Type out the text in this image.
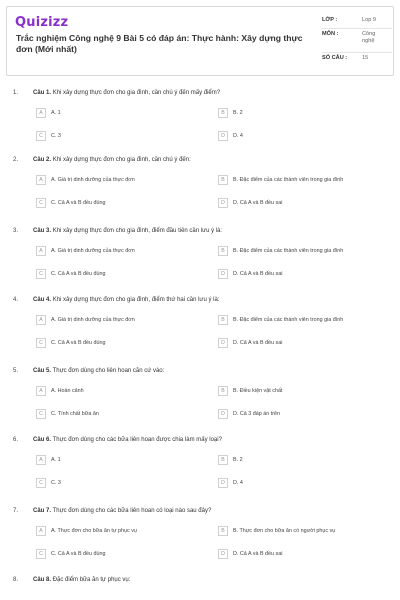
Quizizz
Trắc nghiệm Công nghệ 9 Bài 5 có đáp án: Thực hành: Xây dựng thực đơn (Mới nhất)
LỚP :	Lop 9
MÔN :	Công nghệ
SỐ CÂU :	15
1. Câu 1. Khi xây dựng thực đơn cho gia đình, cần chú ý đến mấy điểm?
A	A. 1	B	B. 2
C	C. 3	D	D. 4
2. Câu 2. Khi xây dựng thực đơn cho gia đình, cần chú ý đến:
A	A. Giá trị dinh dưỡng của thực đơn	B	B. Đặc điểm của các thành viên trong gia đình
C	C. Cả A và B đều đúng	D	D. Cả A và B đều sai
3. Câu 3. Khi xây dựng thực đơn cho gia đình, điểm đầu tiên cần lưu ý là:
A	A. Giá trị dinh dưỡng của thực đơn	B	B. Đặc điểm của các thành viên trong gia đình
C	C. Cả A và B đều đúng	D	D. Cả A và B đều sai
4. Câu 4. Khi xây dựng thực đơn cho gia đình, điểm thứ hai cần lưu ý là:
A	A. Giá trị dinh dưỡng của thực đơn	B	B. Đặc điểm của các thành viên trong gia đình
C	C. Cả A và B đều đúng	D	D. Cả A và B đều sai
5. Câu 5. Thực đơn dùng cho liên hoan căn cứ vào:
A	A. Hoàn cảnh	B	B. Điều kiện vật chất
C	C. Tính chất bữa ăn	D	D. Cả 3 đáp án trên
6. Câu 6. Thực đơn dùng cho các bữa liên hoan được chia làm mấy loại?
A	A. 1	B	B. 2
C	C. 3	D	D. 4
7. Câu 7. Thực đơn dùng cho các bữa liên hoan có loại nào sau đây?
A	A. Thực đơn cho bữa ăn tự phục vụ	B	B. Thực đơn cho bữa ăn có người phục vụ
C	C. Cả A và B đều đúng	D	D. Cả A và B đều sai
8. Câu 8. Đặc điểm bữa ăn tự phục vụ:
